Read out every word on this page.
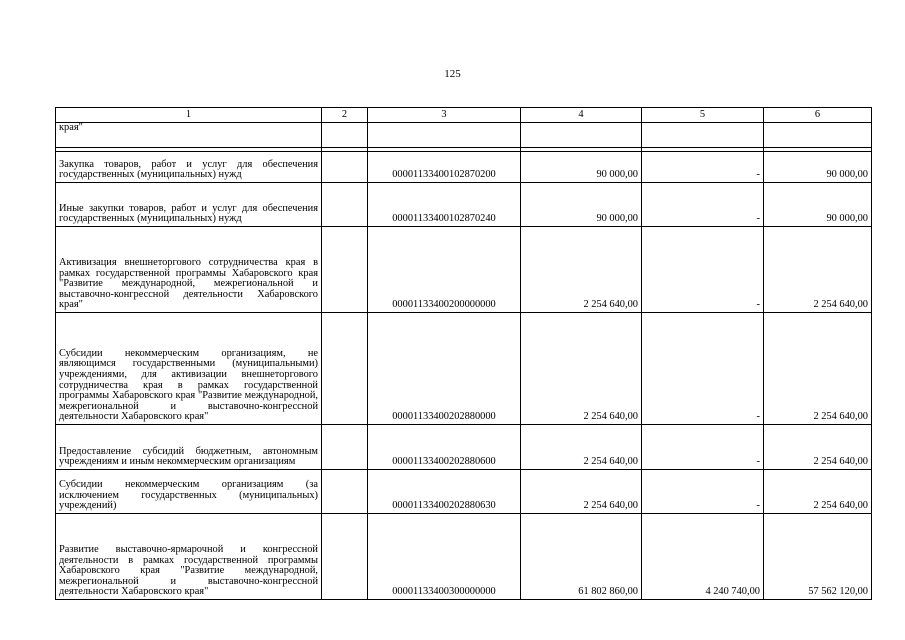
125
1	2	3	4	5	6
края"					

Закупка товаров, работ и услуг для обеспечения государственных (муниципальных) нужд		00001133400102870200	90 000,00	-	90 000,00
Иные закупки товаров, работ и услуг для обеспечения государственных (муниципальных) нужд		00001133400102870240	90 000,00	-	90 000,00
Активизация внешнеторгового сотрудничества края в рамках государственной программы Хабаровского края "Развитие международной, межрегиональной и выставочно-конгрессной деятельности Хабаровского края"		00001133400200000000	2 254 640,00	-	2 254 640,00
Субсидии некоммерческим организациям, не являющимся государственными (муниципальными) учреждениями, для активизации внешнеторгового сотрудничества края в рамках государственной программы Хабаровского края "Развитие международной, межрегиональной и выставочно-конгрессной деятельности Хабаровского края"		00001133400202880000	2 254 640,00	-	2 254 640,00
Предоставление субсидий бюджетным, автономным учреждениям и иным некоммерческим организациям		00001133400202880600	2 254 640,00	-	2 254 640,00
Субсидии некоммерческим организациям (за исключением государственных (муниципальных) учреждений)		00001133400202880630	2 254 640,00	-	2 254 640,00
Развитие выставочно-ярмарочной и конгрессной деятельности в рамках государственной программы Хабаровского края "Развитие международной, межрегиональной и выставочно-конгрессной деятельности Хабаровского края"		00001133400300000000	61 802 860,00	4 240 740,00	57 562 120,00
